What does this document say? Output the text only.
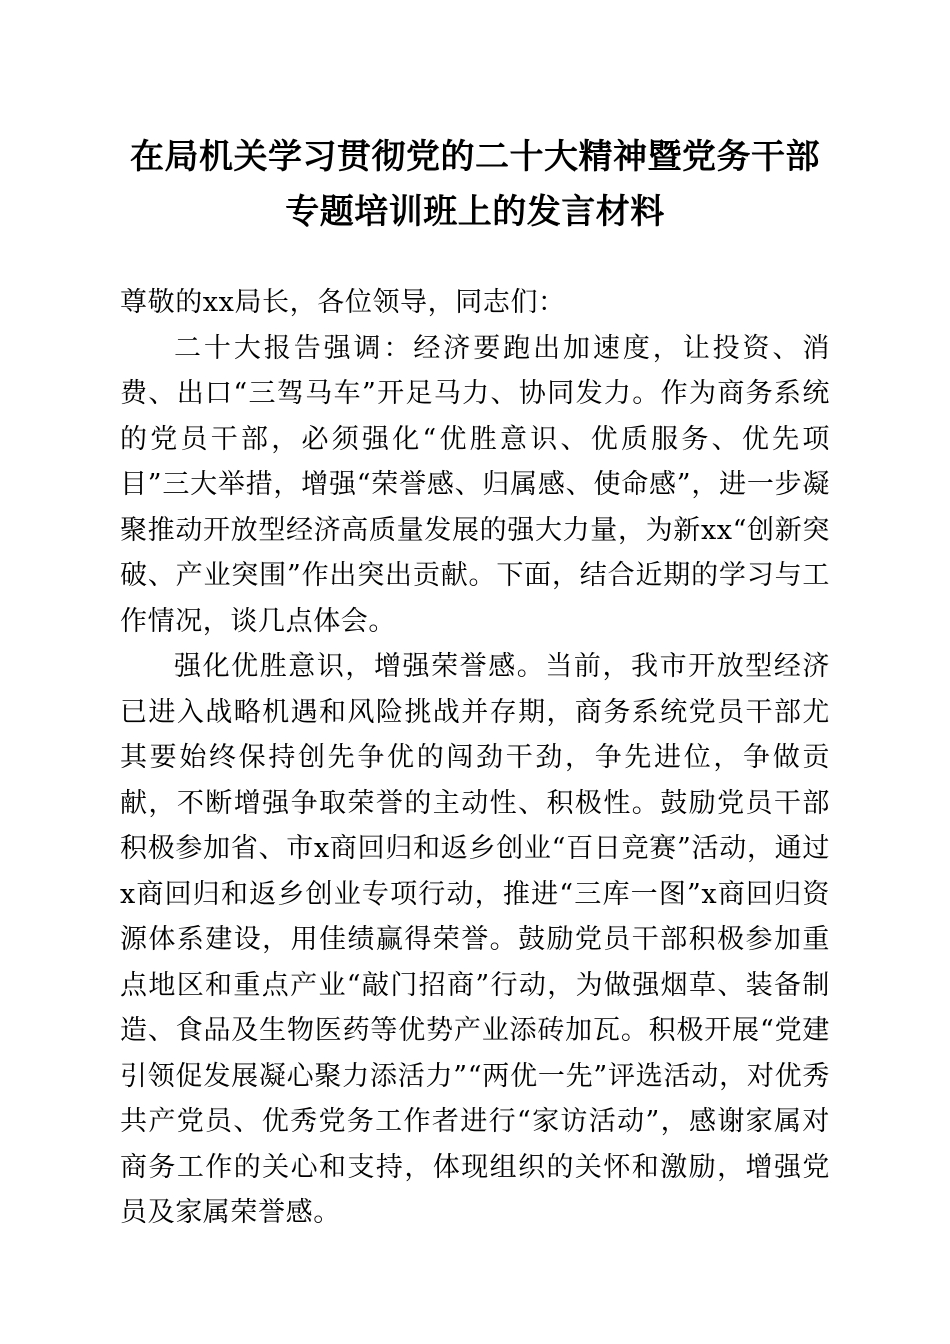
在局机关学习贯彻党的二十大精神暨党务干部
专题培训班上的发言材料

尊敬的xx局长，各位领导，同志们：

二十大报告强调：经济要跑出加速度，让投资、消费、出口“三驾马车”开足马力、协同发力。作为商务系统的党员干部，必须强化“优胜意识、优质服务、优先项目”三大举措，增强“荣誉感、归属感、使命感”，进一步凝聚推动开放型经济高质量发展的强大力量，为新xx“创新突破、产业突围”作出突出贡献。下面，结合近期的学习与工作情况，谈几点体会。

强化优胜意识，增强荣誉感。当前，我市开放型经济已进入战略机遇和风险挑战并存期，商务系统党员干部尤其要始终保持创先争优的闯劲干劲，争先进位，争做贡献，不断增强争取荣誉的主动性、积极性。鼓励党员干部积极参加省、市x商回归和返乡创业“百日竞赛”活动，通过x商回归和返乡创业专项行动，推进“三库一图”x商回归资源体系建设，用佳绩赢得荣誉。鼓励党员干部积极参加重点地区和重点产业“敲门招商”行动，为做强烟草、装备制造、食品及生物医药等优势产业添砖加瓦。积极开展“党建引领促发展凝心聚力添活力”“两优一先”评选活动，对优秀共产党员、优秀党务工作者进行“家访活动”，感谢家属对商务工作的关心和支持，体现组织的关怀和激励，增强党员及家属荣誉感。
